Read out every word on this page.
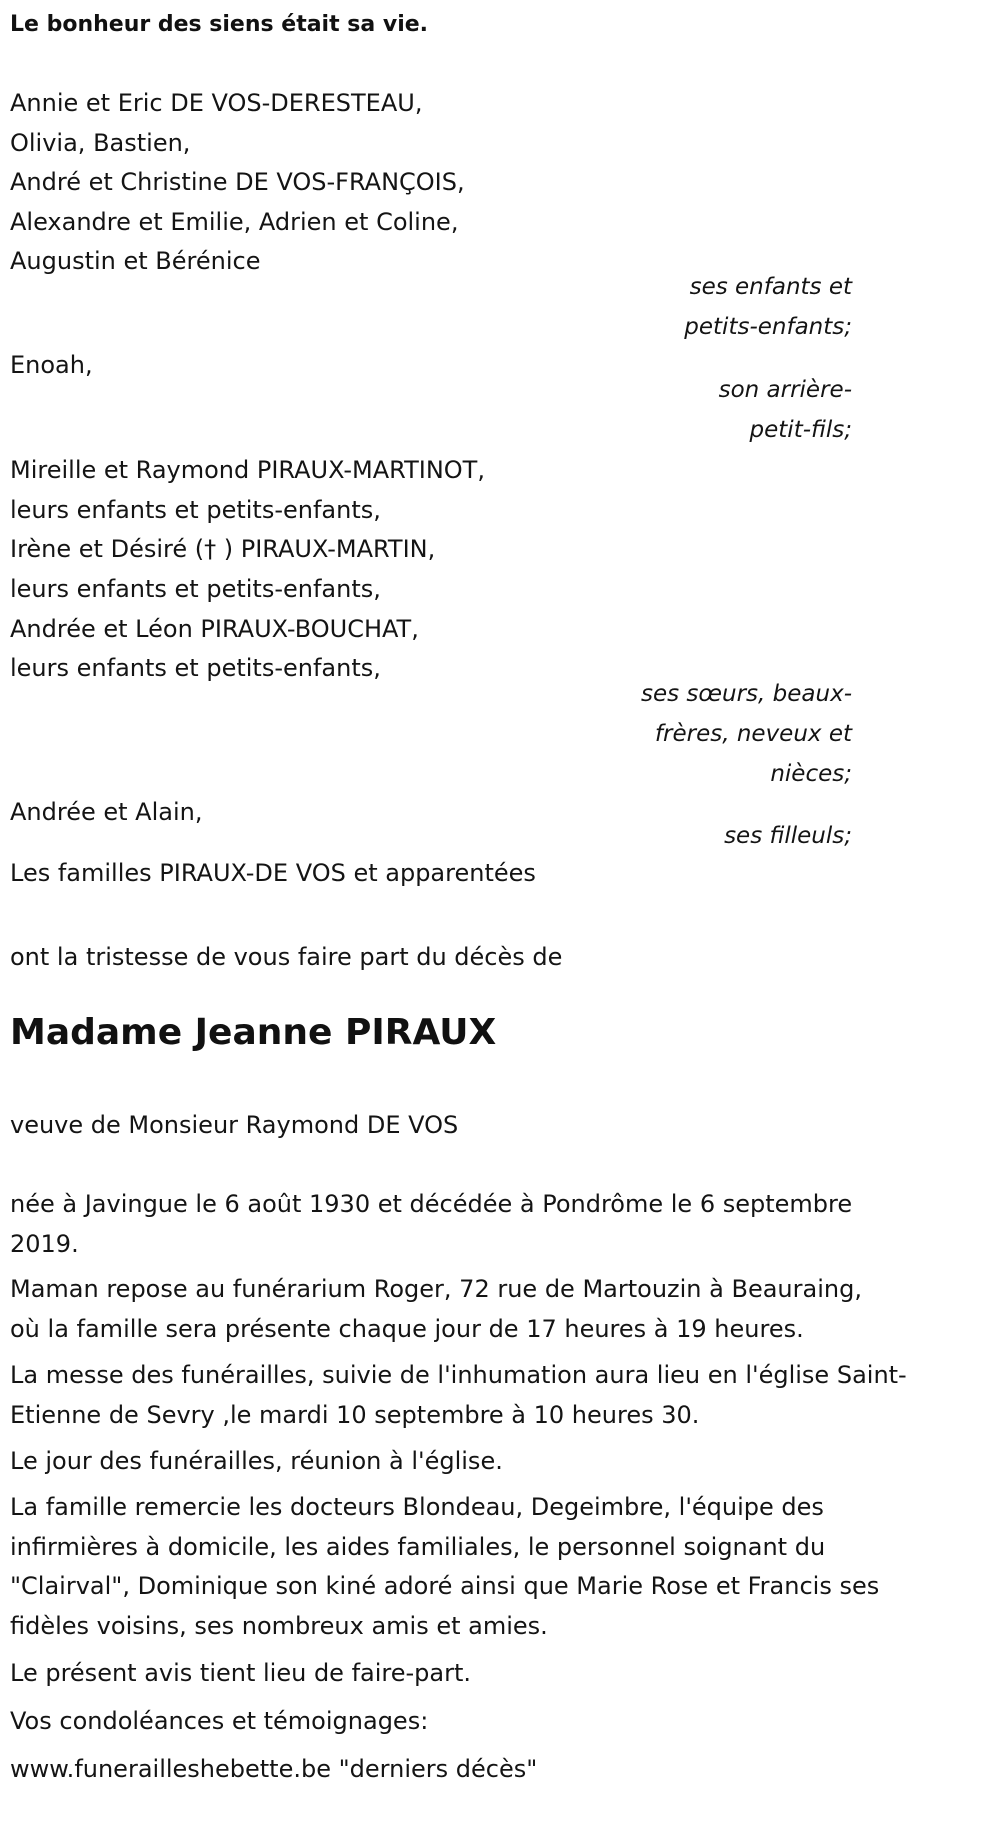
Le bonheur des siens était sa vie.
Annie et Eric DE VOS-DERESTEAU,
Olivia, Bastien,
André et Christine DE VOS-FRANÇOIS,
Alexandre et Emilie, Adrien et Coline,
Augustin et Bérénice
ses enfants et
petits-enfants;
Enoah,
son arrière-
petit-fils;
Mireille et Raymond PIRAUX-MARTINOT,
leurs enfants et petits-enfants,
Irène et Désiré († ) PIRAUX-MARTIN,
leurs enfants et petits-enfants,
Andrée et Léon PIRAUX-BOUCHAT,
leurs enfants et petits-enfants,
ses sœurs, beaux-
frères, neveux et
nièces;
Andrée et Alain,
ses filleuls;
Les familles PIRAUX-DE VOS et apparentées
ont la tristesse de vous faire part du décès de
Madame Jeanne PIRAUX
veuve de Monsieur Raymond DE VOS
née à Javingue le 6 août 1930 et décédée à Pondrôme le 6 septembre
2019.
Maman repose au funérarium Roger, 72 rue de Martouzin à Beauraing,
où la famille sera présente chaque jour de 17 heures à 19 heures.
La messe des funérailles, suivie de l'inhumation aura lieu en l'église Saint-
Etienne de Sevry ,le mardi 10 septembre à 10 heures 30.
Le jour des funérailles, réunion à l'église.
La famille remercie les docteurs Blondeau, Degeimbre, l'équipe des
infirmières à domicile, les aides familiales, le personnel soignant du
"Clairval", Dominique son kiné adoré ainsi que Marie Rose et Francis ses
fidèles voisins, ses nombreux amis et amies.
Le présent avis tient lieu de faire-part.
Vos condoléances et témoignages:
www.funerailleshebette.be "derniers décès"
